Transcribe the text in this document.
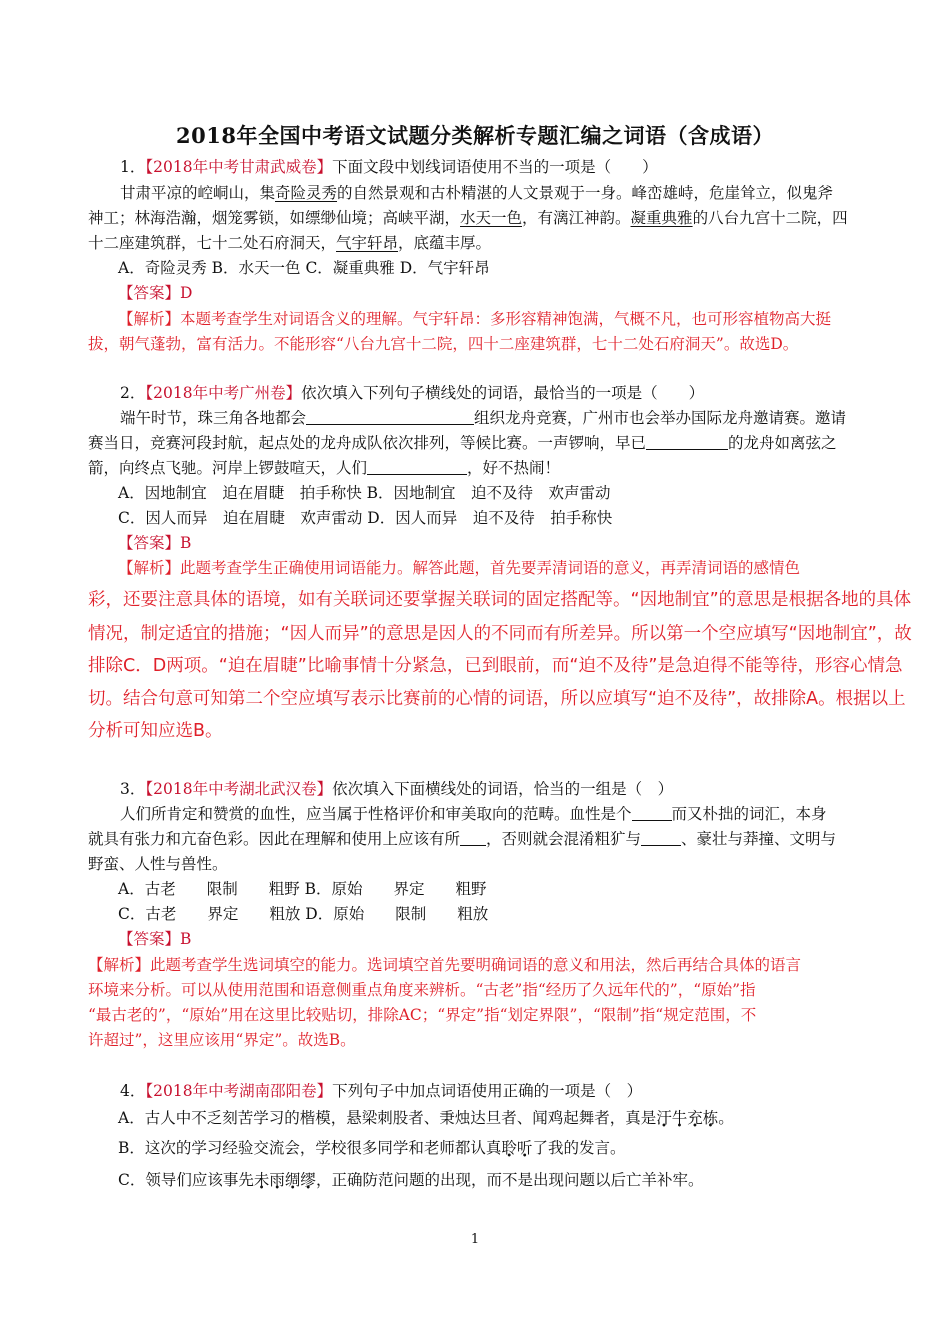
2018年全国中考语文试题分类解析专题汇编之词语（含成语）
1．【2018年中考甘肃武威卷】下面文段中划线词语使用不当的一项是（　　）
甘肃平凉的崆峒山，集奇险灵秀的自然景观和古朴精湛的人文景观于一身。峰峦雄峙，危崖耸立，似鬼斧
神工；林海浩瀚，烟笼雾锁，如缥缈仙境；高峡平湖，水天一色，有漓江神韵。凝重典雅的八台九宫十二院，四
十二座建筑群，七十二处石府洞天，气宇轩昂，底蕴丰厚。
A．奇险灵秀 B．水天一色 C．凝重典雅 D．气宇轩昂
【答案】D
【解析】本题考查学生对词语含义的理解。气宇轩昂：多形容精神饱满，气概不凡，也可形容植物高大挺
拔，朝气蓬勃，富有活力。不能形容“八台九宫十二院，四十二座建筑群，七十二处石府洞天”。故选D。
2．【2018年中考广州卷】依次填入下列句子横线处的词语，最恰当的一项是（　　）
端午时节，珠三角各地都会	组织龙舟竞赛，广州市也会举办国际龙舟邀请赛。邀请
赛当日，竞赛河段封航，起点处的龙舟成队依次排列，等候比赛。一声锣响，早已	的龙舟如离弦之
箭，向终点飞驰。河岸上锣鼓喧天，人们	，好不热闹！
A．因地制宜　迫在眉睫　拍手称快 B．因地制宜　迫不及待　欢声雷动
C．因人而异　迫在眉睫　欢声雷动 D．因人而异　迫不及待　拍手称快
【答案】B
【解析】此题考查学生正确使用词语能力。解答此题，首先要弄清词语的意义，再弄清词语的感情色
彩，还要注意具体的语境，如有关联词还要掌握关联词的固定搭配等。“因地制宜”的意思是根据各地的具体
情况，制定适宜的措施；“因人而异”的意思是因人的不同而有所差异。所以第一个空应填写“因地制宜”，故
排除C．D两项。“迫在眉睫”比喻事情十分紧急，已到眼前，而“迫不及待”是急迫得不能等待，形容心情急
切。结合句意可知第二个空应填写表示比赛前的心情的词语，所以应填写“迫不及待”，故排除A。根据以上
分析可知应选B。
3．【2018年中考湖北武汉卷】依次填入下面横线处的词语，恰当的一组是（　）
人们所肯定和赞赏的血性，应当属于性格评价和审美取向的范畴。血性是个	而又朴拙的词汇，本身
就具有张力和亢奋色彩。因此在理解和使用上应该有所 ，否则就会混淆粗犷与	、豪壮与莽撞、文明与
野蛮、人性与兽性。
A．古老　　限制　　粗野 B．原始　　界定　　粗野
C．古老　　界定　　粗放 D．原始　　限制　　粗放
【答案】B
【解析】此题考查学生选词填空的能力。选词填空首先要明确词语的意义和用法，然后再结合具体的语言
环境来分析。可以从使用范围和语意侧重点角度来辨析。“古老”指“经历了久远年代的”，“原始”指
“最古老的”，“原始”用在这里比较贴切，排除AC；“界定”指“划定界限”，“限制”指“规定范围，不
许超过”，这里应该用“界定”。故选B。
4．【2018年中考湖南邵阳卷】下列句子中加点词语使用正确的一项是（　）
A．古人中不乏刻苦学习的楷模，悬梁刺股者、秉烛达旦者、闻鸡起舞者，真是汗牛充栋。
B．这次的学习经验交流会，学校很多同学和老师都认真聆听了我的发言。
C．领导们应该事先未雨绸缪，正确防范问题的出现，而不是出现问题以后亡羊补牢。
1
